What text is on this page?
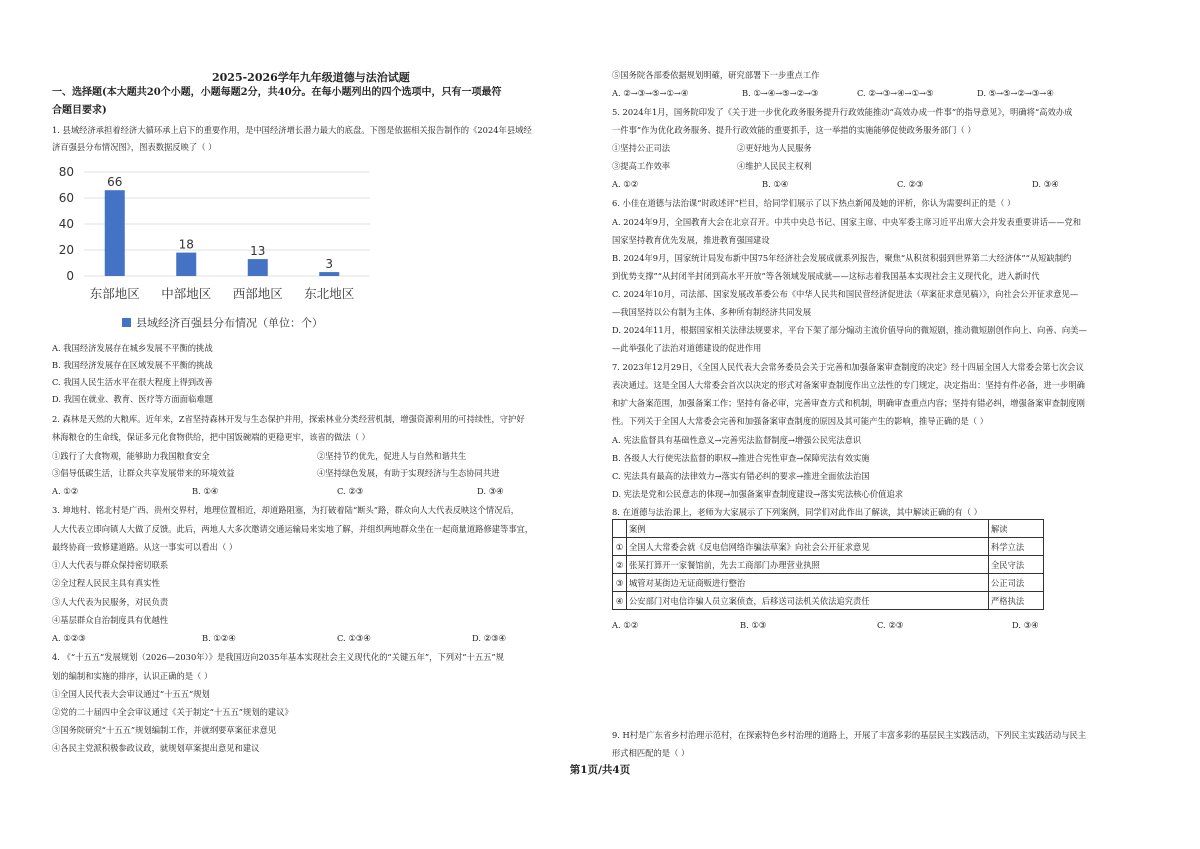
2025-2026学年九年级道德与法治试题
一、选择题(本大题共20个小题，小题每题2分，共40分。在每小题列出的四个选项中，只有一项最符
合题目要求)
1. 县域经济承担着经济大循环承上启下的重要作用，是中国经济增长潜力最大的底盘。下图是依据相关报告制作的《2024年县域经
济百强县分布情况图》，图表数据反映了（ ）
0
20
40
60
80
66
东部地区
18
中部地区
13
西部地区
3
东北地区
县域经济百强县分布情况（单位：个）
A. 我国经济发展存在城乡发展不平衡的挑战
B. 我国经济发展存在区域发展不平衡的挑战
C. 我国人民生活水平在很大程度上得到改善
D. 我国在就业、教育、医疗等方面面临难题
2. 森林是天然的大粮库。近年来，Z省坚持森林开发与生态保护并用，探索林业分类经营机制，增强资源利用的可持续性，守护好
林海粮仓的生命线，保证多元化食物供给，把中国饭碗端的更稳更牢，该省的做法（ ）
①践行了大食物观，能够助力我国粮食安全	②坚持节约优先，促进人与自然和谐共生
③倡导低碳生活，让群众共享发展带来的环境效益	④坚持绿色发展，有助于实现经济与生态协同共进
A. ①②	B. ①④	C. ②③	D. ③④
3. 坤地村、铭北村是广西、贵州交界村，地理位置相近，却道路阻塞，为打破着陆“断头”路，群众向人大代表反映这个情况后，
人大代表立即向镇人大做了反馈。此后，两地人大多次邀请交通运输局来实地了解，并组织两地群众坐在一起商量道路修建等事宜，
最终协商一致修建道路。从这一事实可以看出（ ）
①人大代表与群众保持密切联系
②全过程人民民主具有真实性
③人大代表为民服务，对民负责
④基层群众自治制度具有优越性
A. ①②③	B. ①②④	C. ①③④	D. ②③④
4. 《“十五五”发展规划（2026—2030年）》是我国迈向2035年基本实现社会主义现代化的“关键五年”，下列对“十五五”规
划的编制和实施的排序，认识正确的是（ ）
①全国人民代表大会审议通过“十五五”规划
②党的二十届四中全会审议通过《关于制定“十五五”规划的建议》
③国务院研究“十五五”规划编制工作，并就纲要草案征求意见
④各民主党派积极参政议政，就规划草案提出意见和建议
⑤国务院各部委依据规划明確，研究部署下一步重点工作
A. ②→③→⑤→①→④	B. ①→④→⑤→②→③	C. ②→③→④→①→⑤	D. ⑤→⑤→②→③→④
5. 2024年1月，国务院印发了《关于进一步优化政务服务提升行政效能推动“高效办成一件事”的指导意见》，明确将“高效办成
一件事”作为优化政务服务、提升行政效能的重要抓手，这一举措的实施能够促使政务服务部门（ ）
①坚持公正司法	②更好地为人民服务
③提高工作效率	④维护人民民主权利
A. ①②	B. ①④	C. ②③	D. ③④
6. 小佳在道德与法治课“时政述评”栏目，给同学们展示了以下热点新闻及她的评析，你认为需要纠正的是（ ）
A. 2024年9月，全国教育大会在北京召开。中共中央总书记、国家主席、中央军委主席习近平出席大会并发表重要讲话——党和
国家坚持教育优先发展，推进教育强国建设
B. 2024年9月，国家统计局发布新中国75年经济社会发展成就系列报告，聚焦“从积贫积弱到世界第二大经济体”“从短缺制约
到优势支撑”“从封闭半封闭到高水平开放”等各领域发展成就——这标志着我国基本实现社会主义现代化，进入新时代
C. 2024年10月，司法部、国家发展改革委公布《中华人民共和国民营经济促进法（草案征求意见稿）》，向社会公开征求意见—
—我国坚持以公有制为主体、多种所有制经济共同发展
D. 2024年11月，根据国家相关法律法规要求，平台下架了部分煽动主流价值导向的微短剧，推动微短剧创作向上、向善、向美—
—此举强化了法治对道德建设的促进作用
7. 2023年12月29日，《全国人民代表大会常务委员会关于完善和加强备案审查制度的决定》经十四届全国人大常委会第七次会议
表决通过。这是全国人大常委会首次以决定的形式对备案审查制度作出立法性的专门规定，决定指出：坚持有件必备，进一步明确
和扩大备案范围，加强备案工作；坚持有备必审，完善审查方式和机制，明确审查重点内容；坚持有错必纠，增强备案审查制度刚
性。下列关于全国人大常委会完善和加强备案审查制度的原因及其可能产生的影响，推导正确的是（ ）
A. 宪法监督具有基础性意义→完善宪法监督制度→增强公民宪法意识
B. 各级人大行使宪法监督的职权→推进合宪性审查→保障宪法有效实施
C. 宪法具有最高的法律效力→落实有错必纠的要求→推进全面依法治国
D. 宪法是党和公民意志的体现→加强备案审查制度建设→落实宪法核心价值追求
8. 在道德与法治课上，老师为大家展示了下列案例，同学们对此作出了解读，其中解读正确的有（ ）
	案例	解读
①	全国人大常委会就《反电信网络诈骗法草案》向社会公开征求意见	科学立法
②	张某打算开一家餐馆前，先去工商部门办理营业执照	全民守法
③	城管对某街边无证商贩进行整治	公正司法
④	公安部门对电信诈骗人员立案侦查，后移送司法机关依法追究责任	严格执法
A. ①②	B. ①③	C. ②③	D. ③④
9. H村是广东省乡村治理示范村，在探索特色乡村治理的道路上，开展了丰富多彩的基层民主实践活动，下列民主实践活动与民主
形式相匹配的是（ ）
第1页/共4页
